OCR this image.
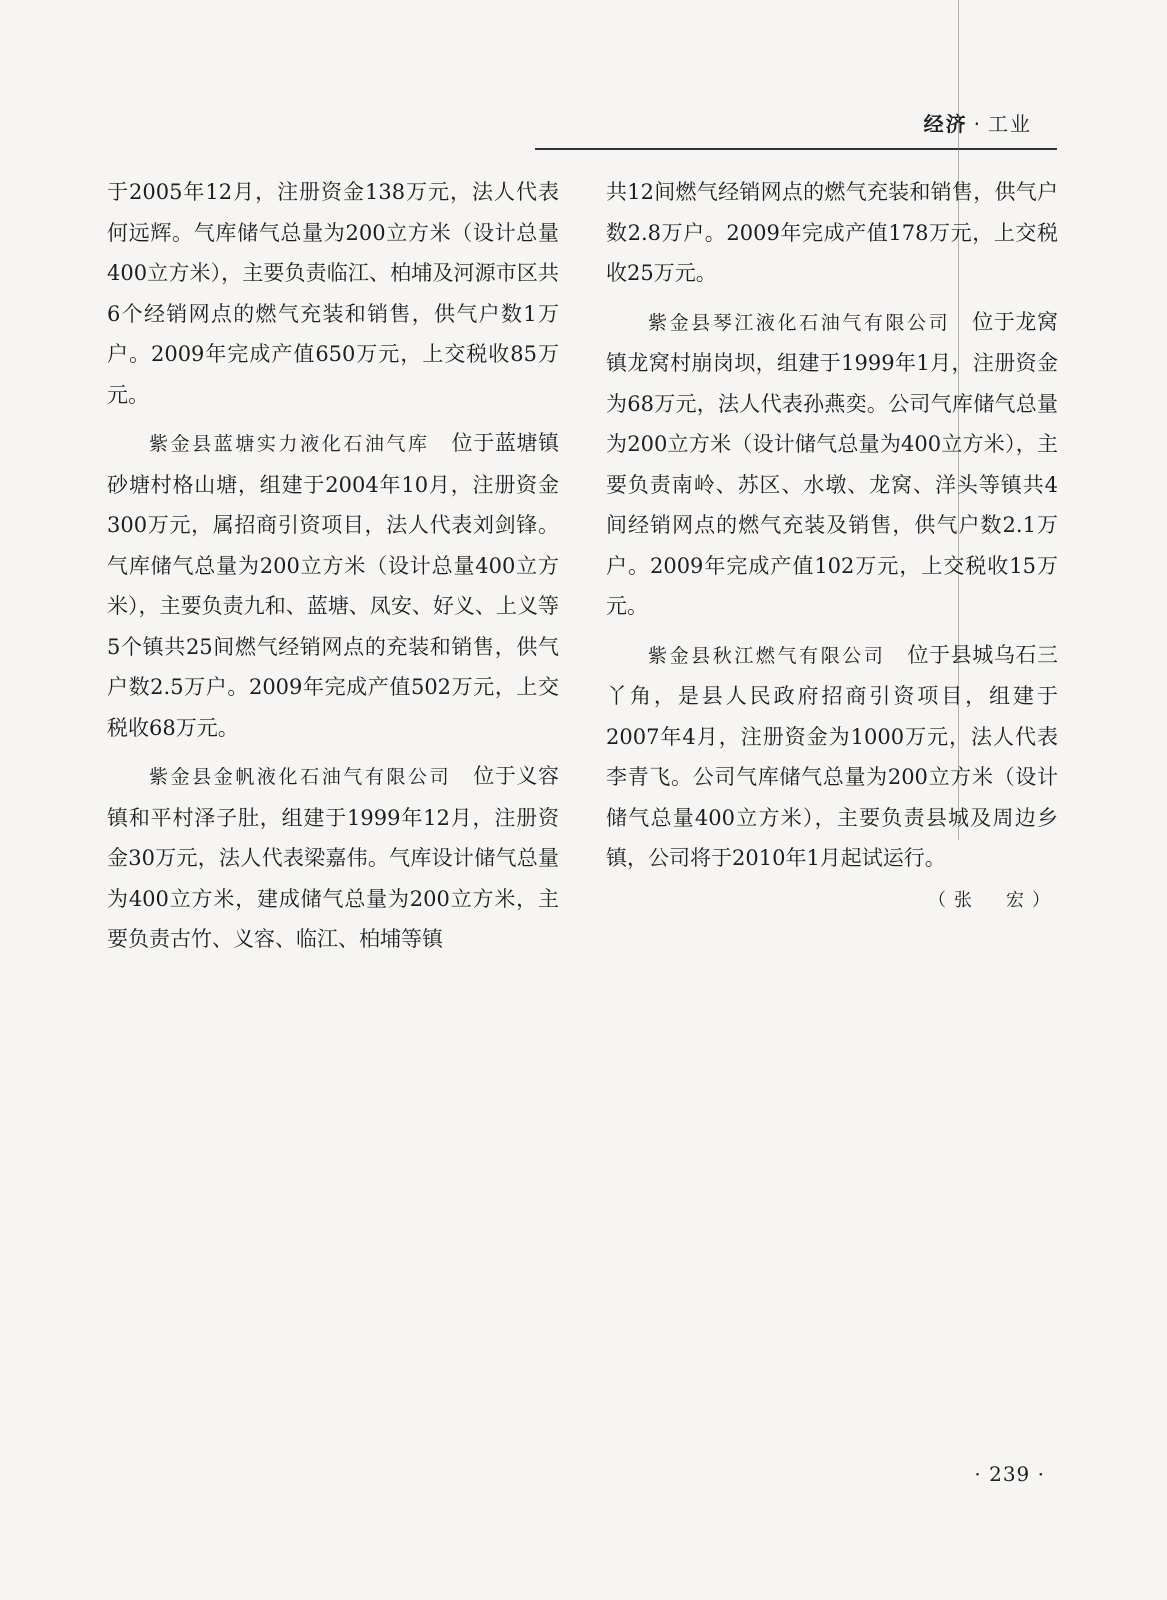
经济 · 工业

于2005年12月，注册资金138万元，法人代表何远辉。气库储气总量为200立方米（设计总量400立方米），主要负责临江、柏埔及河源市区共6个经销网点的燃气充装和销售，供气户数1万户。2009年完成产值650万元，上交税收85万元。

紫金县蓝塘实力液化石油气库 位于蓝塘镇砂塘村格山塘，组建于2004年10月，注册资金300万元，属招商引资项目，法人代表刘剑锋。气库储气总量为200立方米（设计总量400立方米），主要负责九和、蓝塘、凤安、好义、上义等5个镇共25间燃气经销网点的充装和销售，供气户数2.5万户。2009年完成产值502万元，上交税收68万元。

紫金县金帆液化石油气有限公司 位于义容镇和平村泽子肚，组建于1999年12月，注册资金30万元，法人代表梁嘉伟。气库设计储气总量为400立方米，建成储气总量为200立方米，主要负责古竹、义容、临江、柏埔等镇

共12间燃气经销网点的燃气充装和销售，供气户数2.8万户。2009年完成产值178万元，上交税收25万元。

紫金县琴江液化石油气有限公司 位于龙窝镇龙窝村崩岗坝，组建于1999年1月，注册资金为68万元，法人代表孙燕奕。公司气库储气总量为200立方米（设计储气总量为400立方米），主要负责南岭、苏区、水墩、龙窝、洋头等镇共4间经销网点的燃气充装及销售，供气户数2.1万户。2009年完成产值102万元，上交税收15万元。

紫金县秋江燃气有限公司 位于县城乌石三丫角，是县人民政府招商引资项目，组建于2007年4月，注册资金为1000万元，法人代表李青飞。公司气库储气总量为200立方米（设计储气总量400立方米），主要负责县城及周边乡镇，公司将于2010年1月起试运行。

（张　宏）
· 239 ·
